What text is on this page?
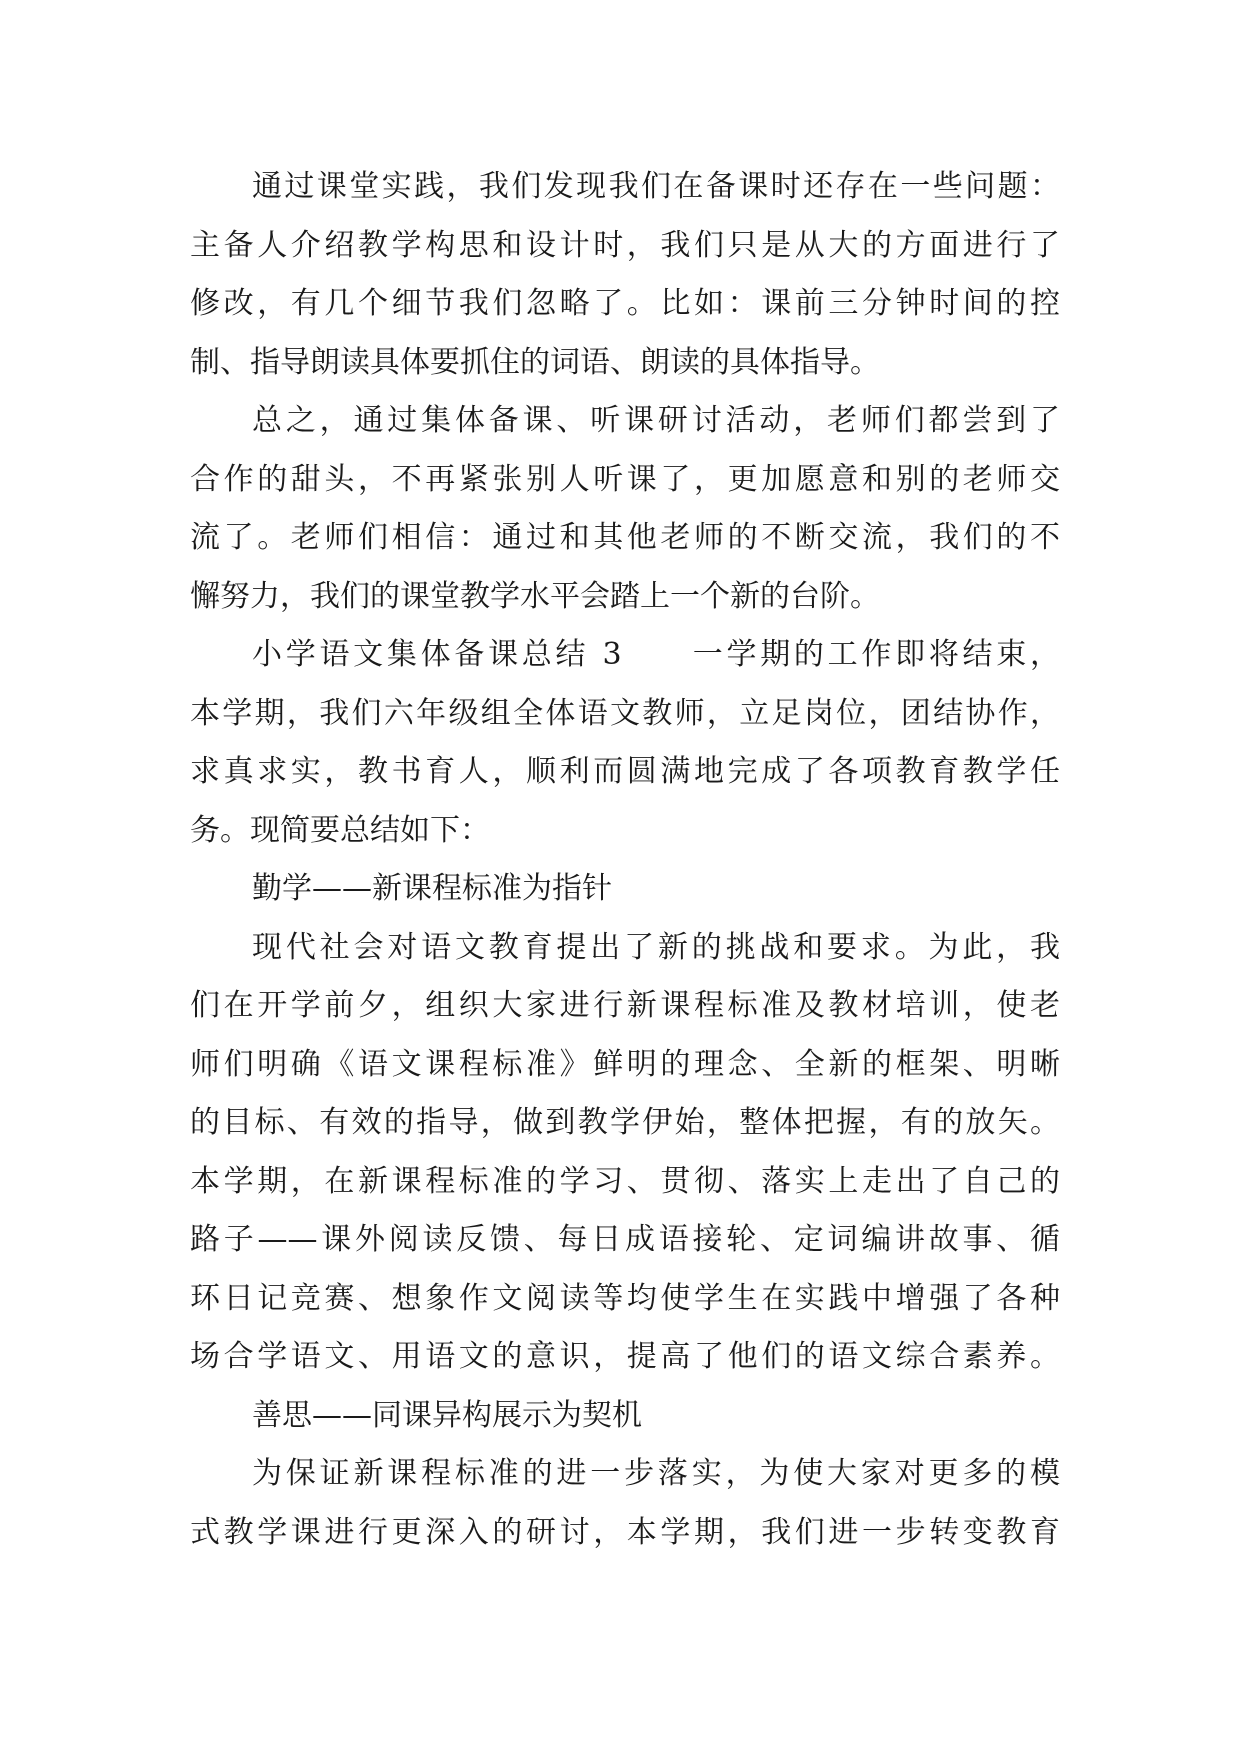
通过课堂实践，我们发现我们在备课时还存在一些问题：
主备人介绍教学构思和设计时，我们只是从大的方面进行了
修改，有几个细节我们忽略了。比如：课前三分钟时间的控
制、指导朗读具体要抓住的词语、朗读的具体指导。
总之，通过集体备课、听课研讨活动，老师们都尝到了
合作的甜头，不再紧张别人听课了，更加愿意和别的老师交
流了。老师们相信：通过和其他老师的不断交流，我们的不
懈努力，我们的课堂教学水平会踏上一个新的台阶。
小学语文集体备课总结 3　　一学期的工作即将结束，
本学期，我们六年级组全体语文教师，立足岗位，团结协作，
求真求实，教书育人，顺利而圆满地完成了各项教育教学任
务。现简要总结如下：
勤学——新课程标准为指针
现代社会对语文教育提出了新的挑战和要求。为此，我
们在开学前夕，组织大家进行新课程标准及教材培训，使老
师们明确《语文课程标准》鲜明的理念、全新的框架、明晰
的目标、有效的指导，做到教学伊始，整体把握，有的放矢。
本学期，在新课程标准的学习、贯彻、落实上走出了自己的
路子——课外阅读反馈、每日成语接轮、定词编讲故事、循
环日记竞赛、想象作文阅读等均使学生在实践中增强了各种
场合学语文、用语文的意识，提高了他们的语文综合素养。
善思——同课异构展示为契机
为保证新课程标准的进一步落实，为使大家对更多的模
式教学课进行更深入的研讨，本学期，我们进一步转变教育
